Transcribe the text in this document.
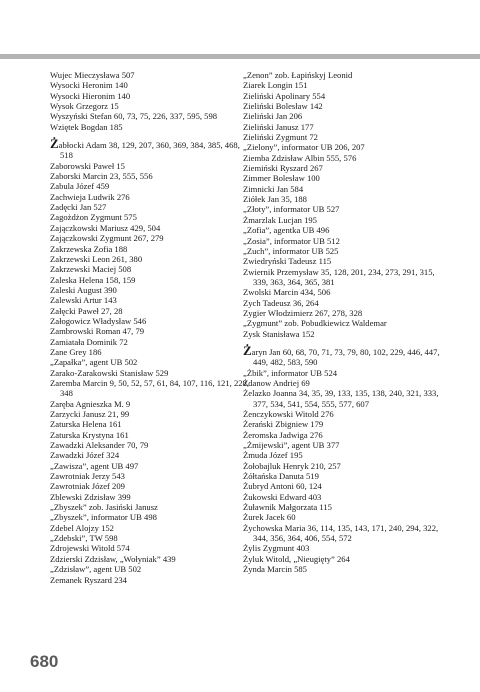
Wujec Mieczysława 507
Wysocki Heronim 140
Wysocki Hieronim 140
Wysok Grzegorz 15
Wyszyński Stefan 60, 73, 75, 226, 337, 595, 598
Wziętek Bogdan 185
Żabłocki Adam 38, 129, 207, 360, 369, 384, 385, 468, 518
Zaborowski Paweł 15
Zaborski Marcin 23, 555, 556
Zabula Józef 459
Zachwieja Ludwik 276
Zadęcki Jan 527
Zagożdżon Zygmunt 575
Zajączkowski Mariusz 429, 504
Zajączkowski Zygmunt 267, 279
Zakrzewska Zofia 188
Zakrzewski Leon 261, 380
Zakrzewski Maciej 508
Zaleska Helena 158, 159
Zaleski August 390
Zalewski Artur 143
Załęcki Paweł 27, 28
Załogowicz Władysław 546
Zambrowski Roman 47, 79
Zamiatała Dominik 72
Zane Grey 186
„Zapałka”, agent UB 502
Zarako-Zarakowski Stanisław 529
Zaremba Marcin 9, 50, 52, 57, 61, 84, 107, 116, 121, 228, 348
Zaręba Agnieszka M. 9
Zarzycki Janusz 21, 99
Zaturska Helena 161
Zaturska Krystyna 161
Zawadzki Aleksander 70, 79
Zawadzki Józef 324
„Zawisza”, agent UB 497
Zawrotniak Jerzy 543
Zawrotniak Józef 209
Zblewski Zdzisław 399
„Zbyszek” zob. Jasiński Janusz
„Zbyszek”, informator UB 498
Zdebel Alojzy 152
„Zdebski”, TW 598
Zdrojewski Witold 574
Zdzierski Zdzisław, „Wołyniak” 439
„Zdzisław”, agent UB 502
Zemanek Ryszard 234
„Zenon” zob. Łapińskyj Leonid
Ziarek Longin 151
Zieliński Apolinary 554
Zieliński Bolesław 142
Zieliński Jan 206
Zieliński Janusz 177
Zieliński Zygmunt 72
„Zielony”, informator UB 206, 207
Ziemba Zdzisław Albin 555, 576
Ziemiński Ryszard 267
Zimmer Bolesław 100
Zimnicki Jan 584
Ziółek Jan 35, 188
„Złoty”, informator UB 527
Żmarzlak Lucjan 195
„Zofia”, agentka UB 496
„Zosia”, informator UB 512
„Zuch”, informator UB 525
Zwiedryński Tadeusz 115
Zwiernik Przemysław 35, 128, 201, 234, 273, 291, 315, 339, 363, 364, 365, 381
Zwolski Marcin 434, 506
Zych Tadeusz 36, 264
Zygier Włodzimierz 267, 278, 328
„Zygmunt” zob. Pobudkiewicz Waldemar
Zysk Stanisława 152
Żaryn Jan 60, 68, 70, 71, 73, 79, 80, 102, 229, 446, 447, 449, 482, 583, 590
„Żbik”, informator UB 524
Żdanow Andriej 69
Żelazko Joanna 34, 35, 39, 133, 135, 138, 240, 321, 333, 377, 534, 541, 554, 555, 577, 607
Żenczykowski Witold 276
Żerański Zbigniew 179
Żeromska Jadwiga 276
„Żmijewski”, agent UB 377
Żmuda Józef 195
Żołobajluk Henryk 210, 257
Żółtańska Danuta 519
Żubryd Antoni 60, 124
Żukowski Edward 403
Żuławnik Małgorzata 115
Żurek Jacek 60
Żychowska Maria 36, 114, 135, 143, 171, 240, 294, 322, 344, 356, 364, 406, 554, 572
Żylis Zygmunt 403
Żyluk Witold, „Nieugięty” 264
Żynda Marcin 585
680
